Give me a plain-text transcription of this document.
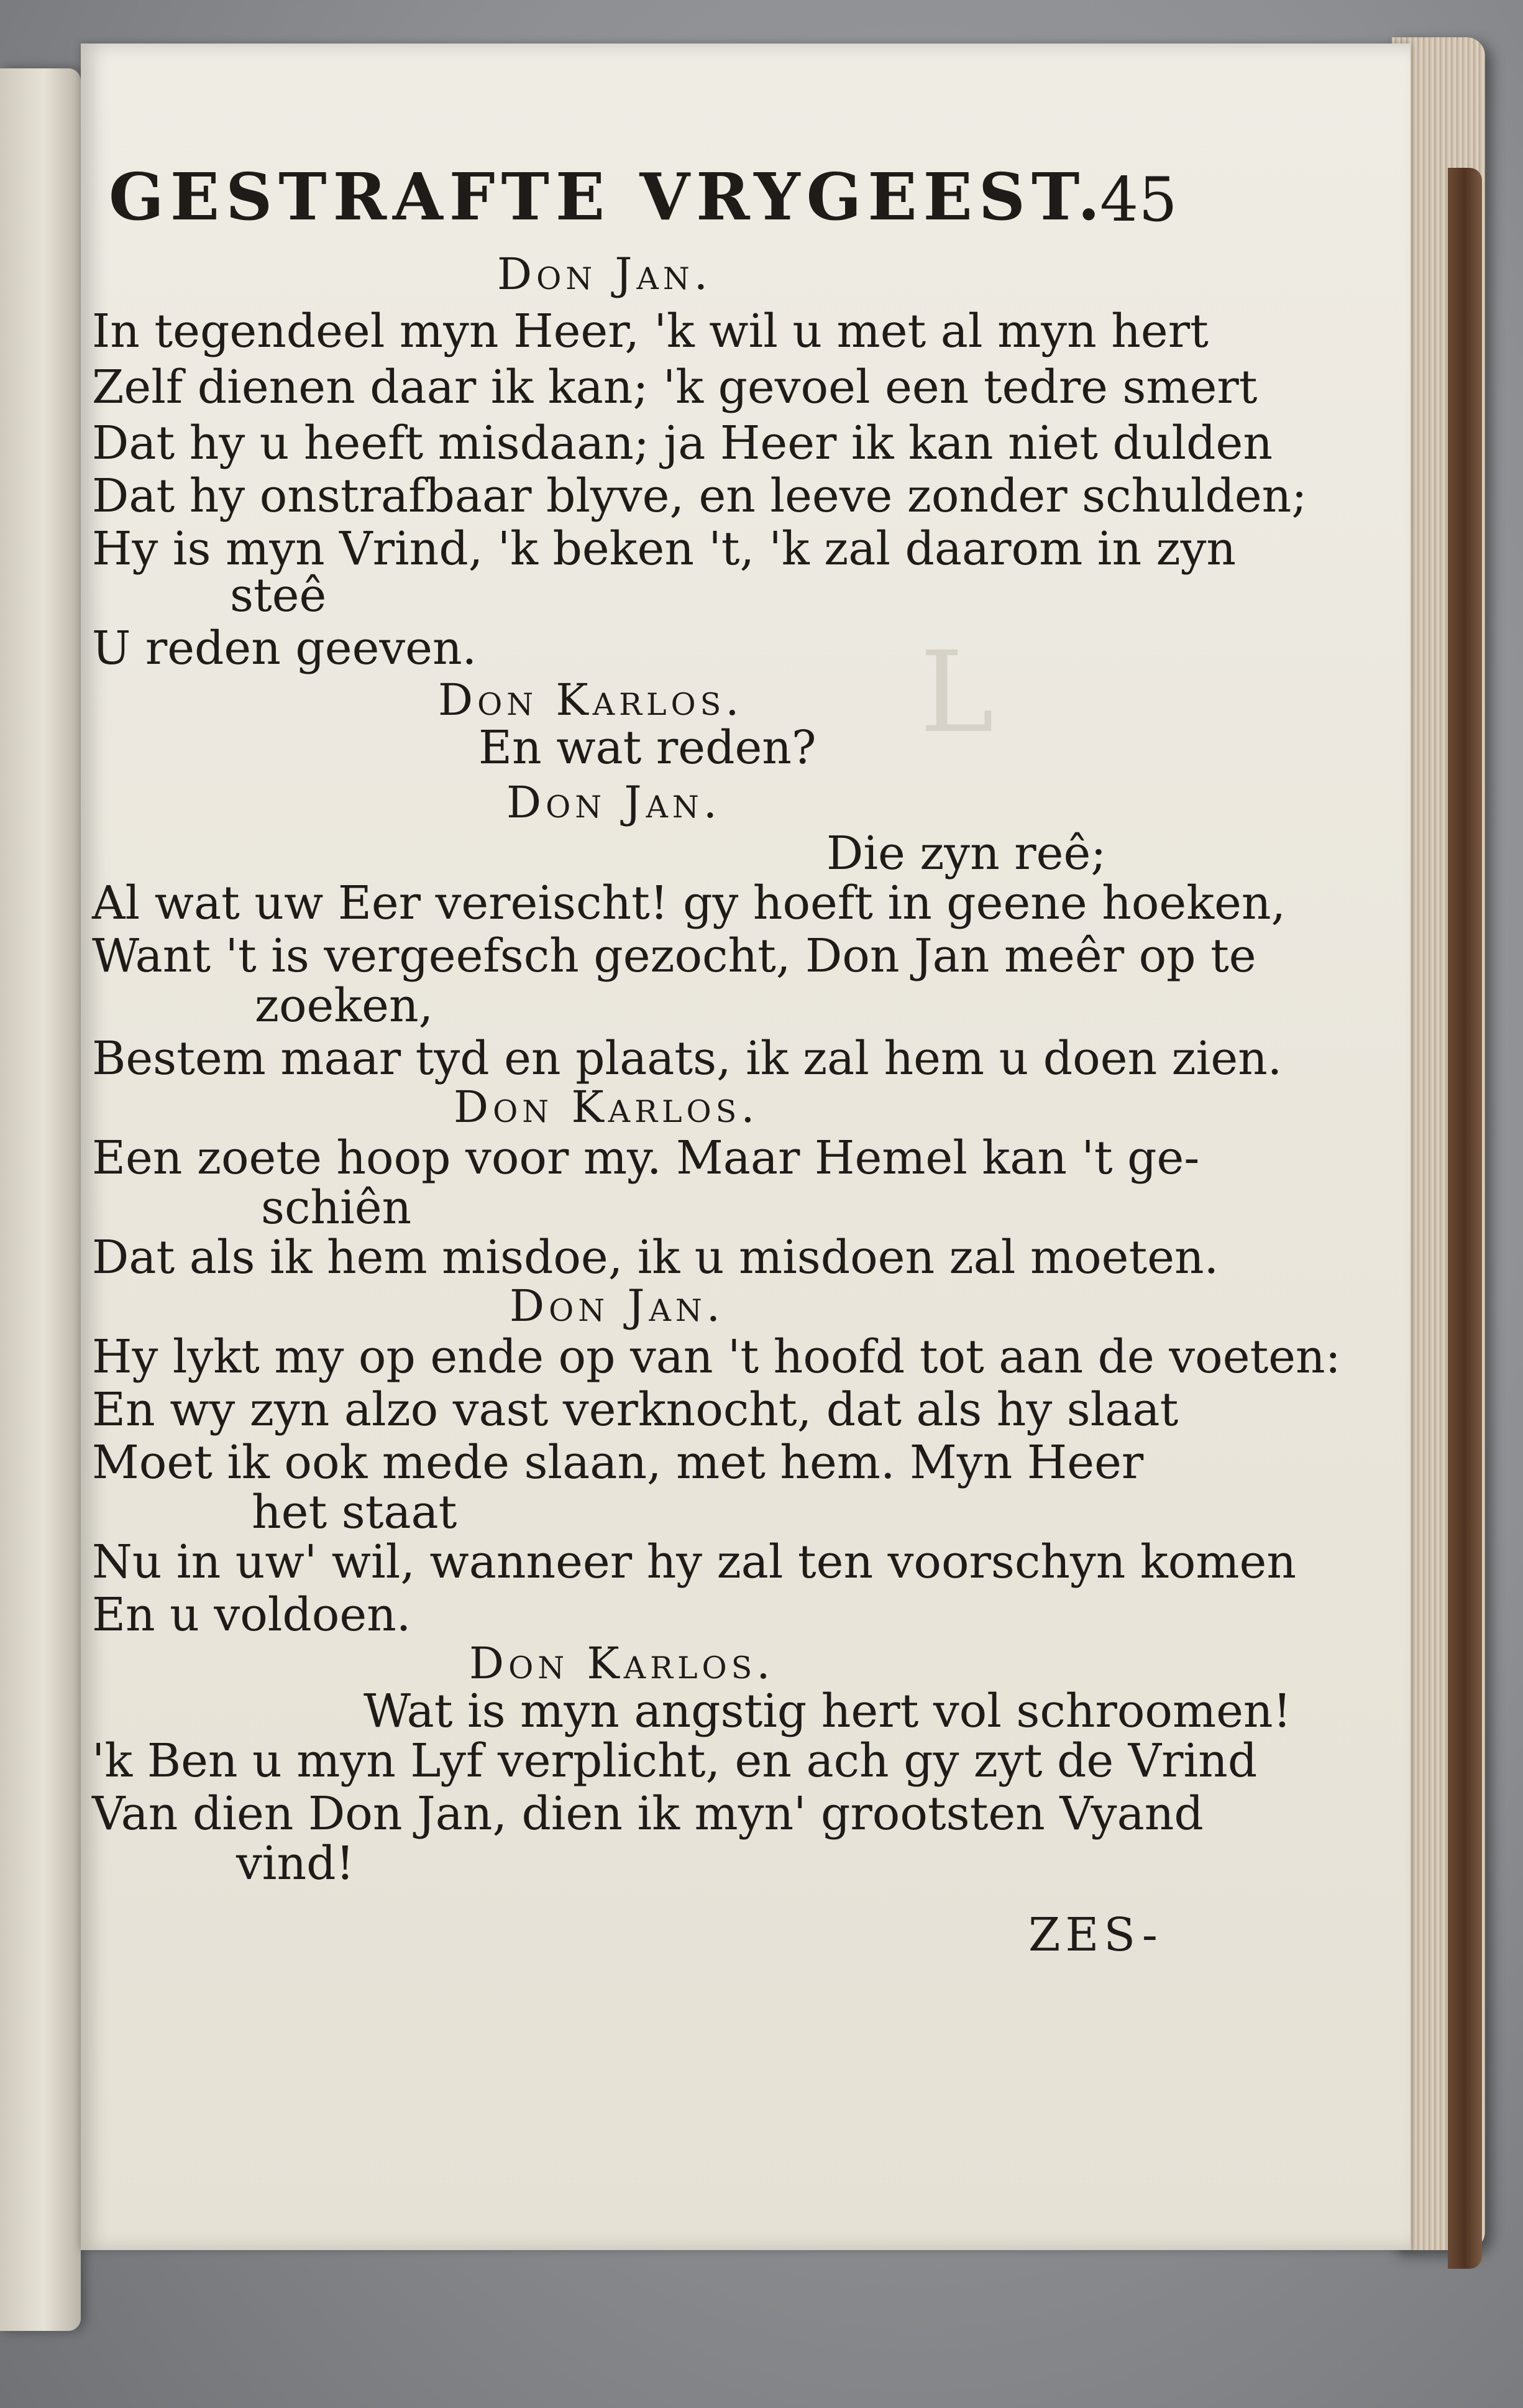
L

GESTRAFTE VRYGEEST.
45
Don Jan.
In tegendeel myn Heer, 'k wil u met al myn hert
Zelf dienen daar ik kan; 'k gevoel een tedre smert
Dat hy u heeft misdaan; ja Heer ik kan niet dulden
Dat hy onstrafbaar blyve, en leeve zonder schulden;
Hy is myn Vrind, 'k beken 't, 'k zal daarom in zyn
steê
U reden geeven.
Don Karlos.
En wat reden?
Don Jan.
Die zyn reê;
Al wat uw Eer vereischt! gy hoeft in geene hoeken,
Want 't is vergeefsch gezocht, Don Jan meêr op te
zoeken,
Bestem maar tyd en plaats, ik zal hem u doen zien.
Don Karlos.
Een zoete hoop voor my. Maar Hemel kan 't ge-
schiên
Dat als ik hem misdoe, ik u misdoen zal moeten.
Don Jan.
Hy lykt my op ende op van 't hoofd tot aan de voeten:
En wy zyn alzo vast verknocht, dat als hy slaat
Moet ik ook mede slaan, met hem. Myn Heer
het staat
Nu in uw' wil, wanneer hy zal ten voorschyn komen
En u voldoen.
Don Karlos.
Wat is myn angstig hert vol schroomen!
'k Ben u myn Lyf verplicht, en ach gy zyt de Vrind
Van dien Don Jan, dien ik myn' grootsten Vyand
vind!
ZES-
